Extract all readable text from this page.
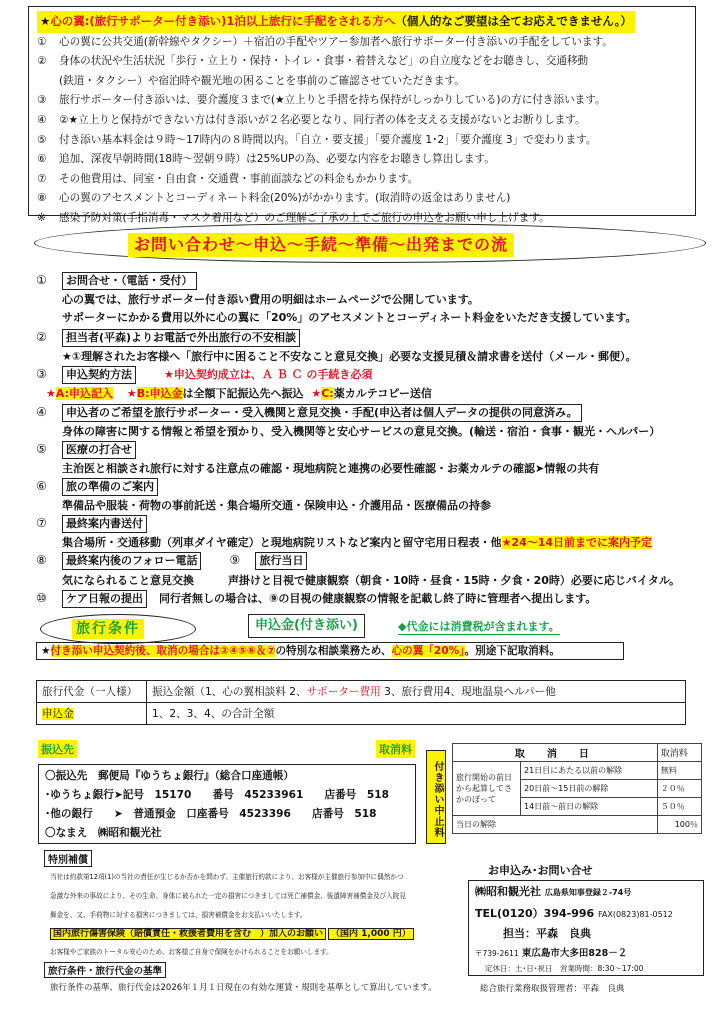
★心の翼:(旅行サポーター付き添い)1泊以上旅行に手配をされる方へ（個人的なご要望は全てお応えできません。）
① 心の翼に公共交通(新幹線やタクシー）＋宿泊の手配やツアー参加者へ旅行サポーター付き添いの手配をしています。
② 身体の状況や生活状況「歩行・立上り・保持・トイレ・食事・着替えなど」の自立度などをお聴きし、交通移動
(鉄道・タクシー）や宿泊時や観光地の困ることを事前のご確認させていただきます。
③ 旅行サポーター付き添いは、要介護度３まで(★立上りと手摺を持ち保持がしっかりしている)の方に付き添います。
④ ②★立上りと保持ができない方は付き添いが２名必要となり、同行者の体を支える支援がないとお断りします。
⑤ 付き添い基本料金は９時～17時内の８時間以内。「自立・要支援」「要介護度 1･2」「要介護度 3」で変わります。
⑥ 追加、深夜早朝時間(18時～翌朝９時）は25%UPの為、必要な内容をお聴きし算出します。
⑦ その他費用は、同室・自由食・交通費・事前面談などの料金もかかります。
⑧ 心の翼のアセスメントとコーディネート料金(20%)がかかります。(取消時の返金はありません)
※ 感染予防対策(手指消毒・マスク着用など）のご理解ご了承の上でご旅行の申込をお願い申し上げます。
お問い合わせ～申込～手続～準備～出発までの流
① お問合せ・（電話・受付）
心の翼では、旅行サポーター付き添い費用の明細はホームページで公開しています。
サポーターにかかる費用以外に心の翼に「20%」のアセスメントとコーディネート料金をいただき支援しています。
② 担当者(平森)よりお電話で外出旅行の不安相談
★①理解されたお客様へ「旅行中に困ること不安なこと意見交換」必要な支援見積＆請求書を送付（メール・郵便）。
③ 申込契約方法	★申込契約成立は、Ａ Ｂ Ｃ の手続き必須
★A:申込記入 ★B:申込金は全額下記振込先へ振込 ★C:薬カルテコピー送信
④ 申込者のご希望を旅行サポーター・受入機関と意見交換・手配(申込者は個人データの提供の同意済み。
身体の障害に関する情報と希望を預かり、受入機関等と安心サービスの意見交換。(輸送・宿泊・食事・観光・ヘルパー）
⑤ 医療の打合せ
主治医と相談され旅行に対する注意点の確認・現地病院と連携の必要性確認・お薬カルテの確認➤情報の共有
⑥ 旅の準備のご案内
準備品や服装・荷物の事前託送・集合場所交通・保険申込・介護用品・医療備品の持参
⑦ 最終案内書送付
集合場所・交通移動（列車ダイヤ確定）と現地病院リストなど案内と留守宅用日程表・他★24～14日前までに案内予定
⑧ 最終案内後のフォロー電話	⑨ 旅行当日
気になられること意見交換	声掛けと目視で健康観察（朝食・10時・昼食・15時・夕食・20時）必要に応じバイタル。
⑩ ケア日報の提出 同行者無しの場合は、⑨の目視の健康観察の情報を記載し終了時に管理者へ提出します。
旅行条件	申込金(付き添い)	◆代金には消費税が含まれます。
★付き添い申込契約後、取消の場合は②④⑤⑥＆⑦の特別な相談業務ため、心の翼「20%」。別途下記取消料。
旅行代金（一人様）	振込金額（1、心の翼相談料 2、サポーター費用 3、旅行費用4、現地温泉ヘルパー他
申込金	1、2、3、4、の合計全額
振込先	取消料
〇振込先　郵便局『ゆうちょ銀行』（総合口座通帳）
･ゆうちょ銀行➤記号　15170　　番号　45233961　　店番号　518
･他の銀行　　➤　普通預金　口座番号　4523396　　店番号　518
〇なまえ　㈱昭和観光社	付き添い中止料
取　消　日		取消料
旅行開始の前日から起算してさかのぼって	21日目にあたる以前の解除	無料
	20日前～15日前の解除	２０％
	14日前～前日の解除	５０％
当日の解除		100％
特別補償
当社は約款第12項(1)の当社の責任が生じるか否かを問わず、主催旅行約款により、お客様が主催旅行参加中に偶然かつ
急激な外来の事故により、その生命、身体に被られた一定の損害につきましては死亡補償金、後遺障害補償金及び入院見
舞金を、又、手荷物に対する損害につきましては、損害補償金をお支払いいたします。
国内旅行傷害保険（賠償責任・救援者費用を含む　）加入のお願い （国内 1,000 円）
お客様やご家族のトータル安心のため、お客様ご自身で保険をかけられることをお願いします。
旅行条件・旅行代金の基準
旅行条件の基準、旅行代金は2026年１月１日現在の有効な運賃・規則を基準として算出しています。
お申込み･お問い合せ
㈱昭和観光社 広島県知事登録２-74号
TEL(0120）394-996 FAX(0823)81-0512
担当：平森　良典
〒739-2611 東広島市大多田828－２
定休日：土･日･祝日　 営業時間：8:30～17:00
総合旅行業務取扱管理者：平森　良典
